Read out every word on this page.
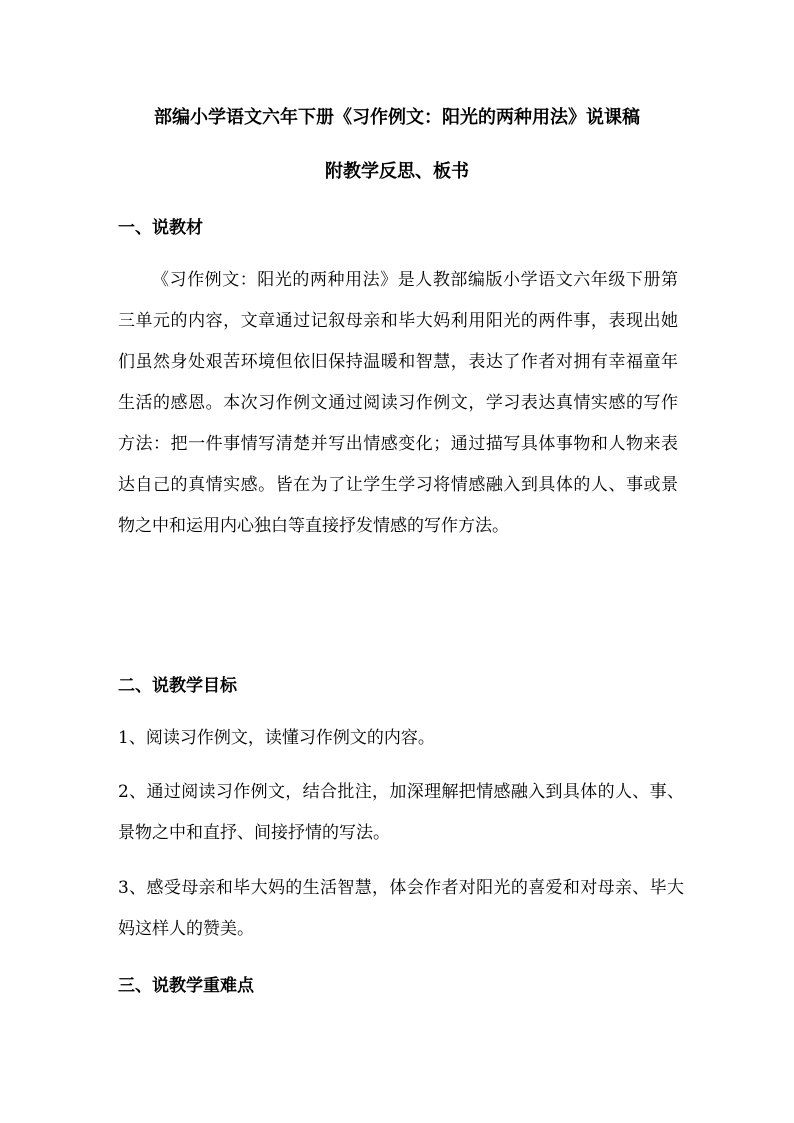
部编小学语文六年下册《习作例文：阳光的两种用法》说课稿
附教学反思、板书
一、说教材
《习作例文：阳光的两种用法》是人教部编版小学语文六年级下册第三单元的内容，文章通过记叙母亲和毕大妈利用阳光的两件事，表现出她们虽然身处艰苦环境但依旧保持温暖和智慧，表达了作者对拥有幸福童年生活的感恩。本次习作例文通过阅读习作例文，学习表达真情实感的写作方法：把一件事情写清楚并写出情感变化；通过描写具体事物和人物来表达自己的真情实感。皆在为了让学生学习将情感融入到具体的人、事或景物之中和运用内心独白等直接抒发情感的写作方法。
二、说教学目标
1、阅读习作例文，读懂习作例文的内容。
2、通过阅读习作例文，结合批注，加深理解把情感融入到具体的人、事、景物之中和直抒、间接抒情的写法。
3、感受母亲和毕大妈的生活智慧，体会作者对阳光的喜爱和对母亲、毕大妈这样人的赞美。
三、说教学重难点
